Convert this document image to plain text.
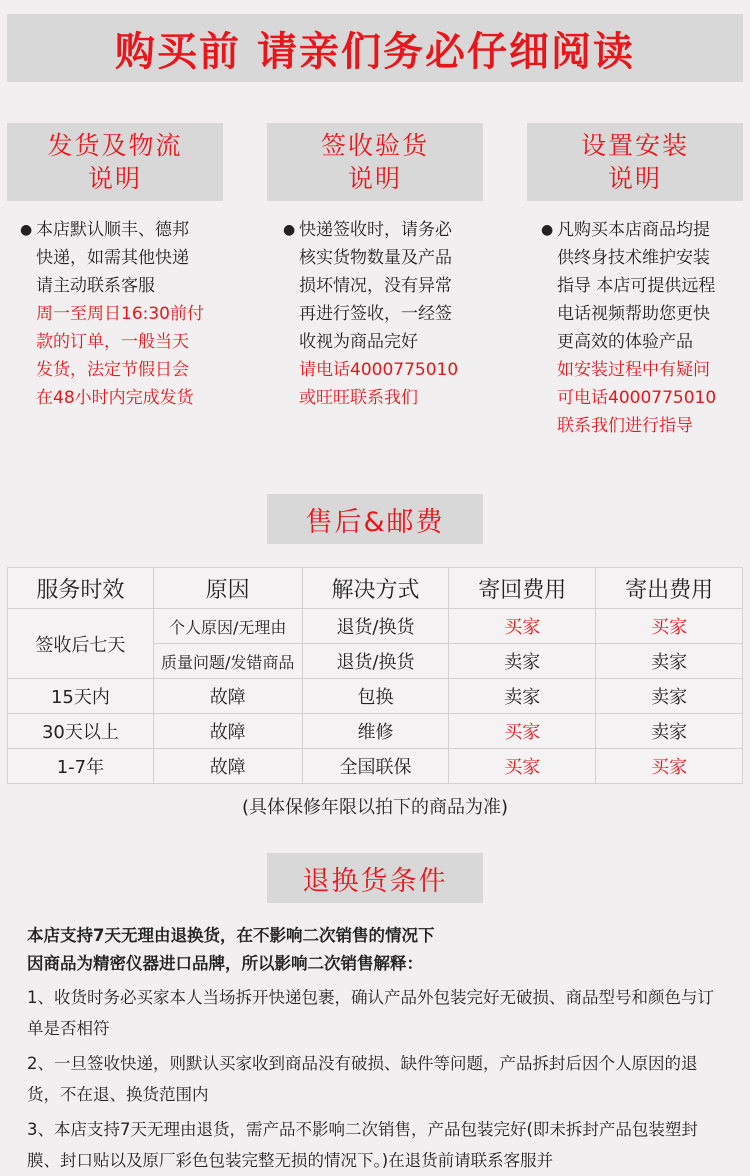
购买前 请亲们务必仔细阅读
发货及物流
说明
签收验货
说明
设置安装
说明
● 本店默认顺丰、德邦
快递，如需其他快递
请主动联系客服
周一至周日16:30前付
款的订单，一般当天
发货，法定节假日会
在48小时内完成发货
● 快递签收时，请务必
核实货物数量及产品
损坏情况，没有异常
再进行签收，一经签
收视为商品完好
请电话4000775010
或旺旺联系我们
● 凡购买本店商品均提
供终身技术维护安装
指导 本店可提供远程
电话视频帮助您更快
更高效的体验产品
如安装过程中有疑问
可电话4000775010
联系我们进行指导
售后&邮费
服务时效	原因	解决方式	寄回费用	寄出费用
签收后七天	个人原因/无理由	退货/换货	买家	买家
	质量问题/发错商品	退货/换货	卖家	卖家
15天内	故障	包换	卖家	卖家
30天以上	故障	维修	买家	卖家
1-7年	故障	全国联保	买家	买家
(具体保修年限以拍下的商品为准)
退换货条件
本店支持7天无理由退换货，在不影响二次销售的情况下
因商品为精密仪器进口品牌，所以影响二次销售解释：
1、收货时务必买家本人当场拆开快递包裹，确认产品外包装完好无破损、商品型号和颜色与订单是否相符
2、一旦签收快递，则默认买家收到商品没有破损、缺件等问题，产品拆封后因个人原因的退货，不在退、换货范围内
3、本店支持7天无理由退货，需产品不影响二次销售，产品包装完好(即未拆封产品包装塑封膜、封口贴以及原厂彩色包装完整无损的情况下。)在退货前请联系客服并
